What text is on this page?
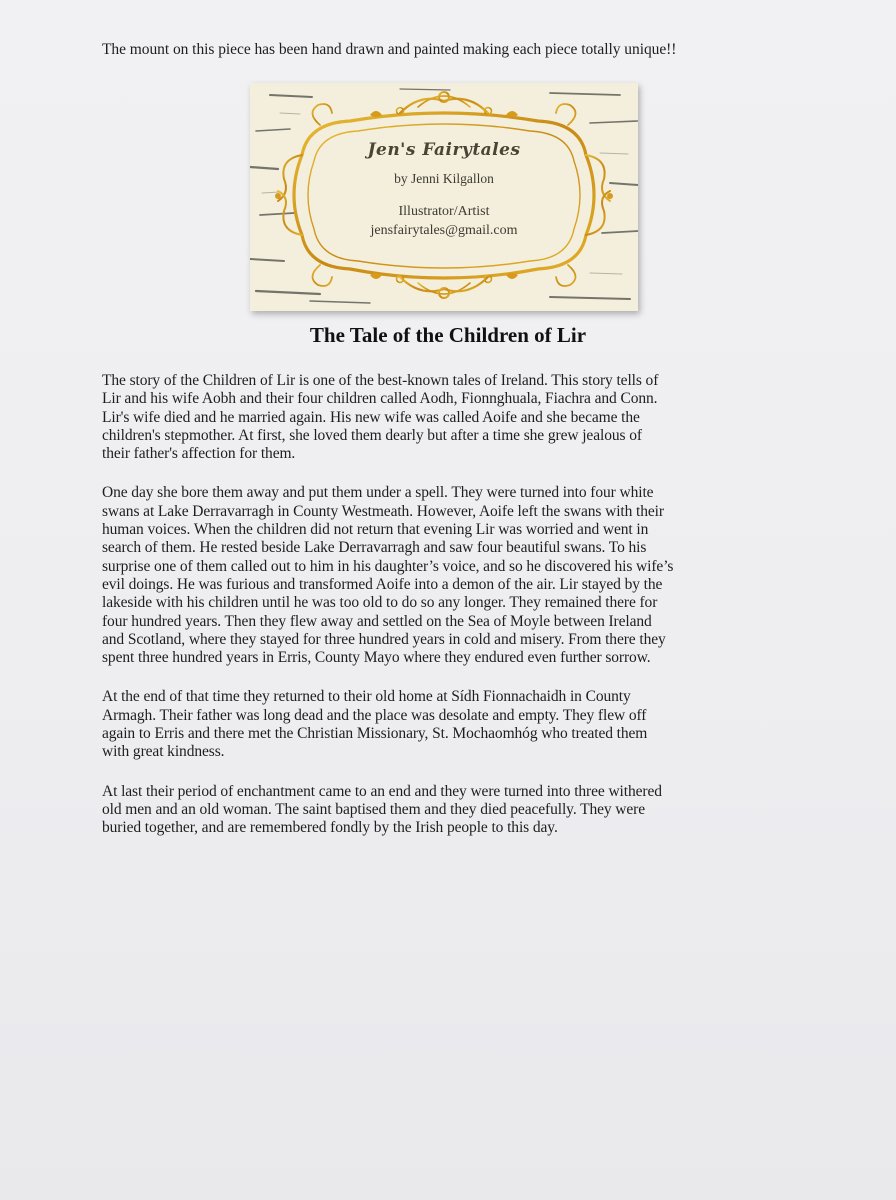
The mount on this piece has been hand drawn and painted making each piece totally unique!!
Jen's Fairytales
by Jenni Kilgallon
Illustrator/Artist
jensfairytales@gmail.com
The Tale of the Children of Lir

The story of the Children of Lir is one of the best-known tales of Ireland. This story tells of
Lir and his wife Aobh and their four children called Aodh, Fionnghuala, Fiachra and Conn.
Lir's wife died and he married again. His new wife was called Aoife and she became the
children's stepmother. At first, she loved them dearly but after a time she grew jealous of
their father's affection for them.

One day she bore them away and put them under a spell. They were turned into four white
swans at Lake Derravarragh in County Westmeath. However, Aoife left the swans with their
human voices. When the children did not return that evening Lir was worried and went in
search of them. He rested beside Lake Derravarragh and saw four beautiful swans. To his
surprise one of them called out to him in his daughter’s voice, and so he discovered his wife’s
evil doings. He was furious and transformed Aoife into a demon of the air. Lir stayed by the
lakeside with his children until he was too old to do so any longer. They remained there for
four hundred years. Then they flew away and settled on the Sea of Moyle between Ireland
and Scotland, where they stayed for three hundred years in cold and misery. From there they
spent three hundred years in Erris, County Mayo where they endured even further sorrow.

At the end of that time they returned to their old home at Sídh Fionnachaidh in County
Armagh. Their father was long dead and the place was desolate and empty. They flew off
again to Erris and there met the Christian Missionary, St. Mochaomhóg who treated them
with great kindness.

At last their period of enchantment came to an end and they were turned into three withered
old men and an old woman. The saint baptised them and they died peacefully. They were
buried together, and are remembered fondly by the Irish people to this day.
